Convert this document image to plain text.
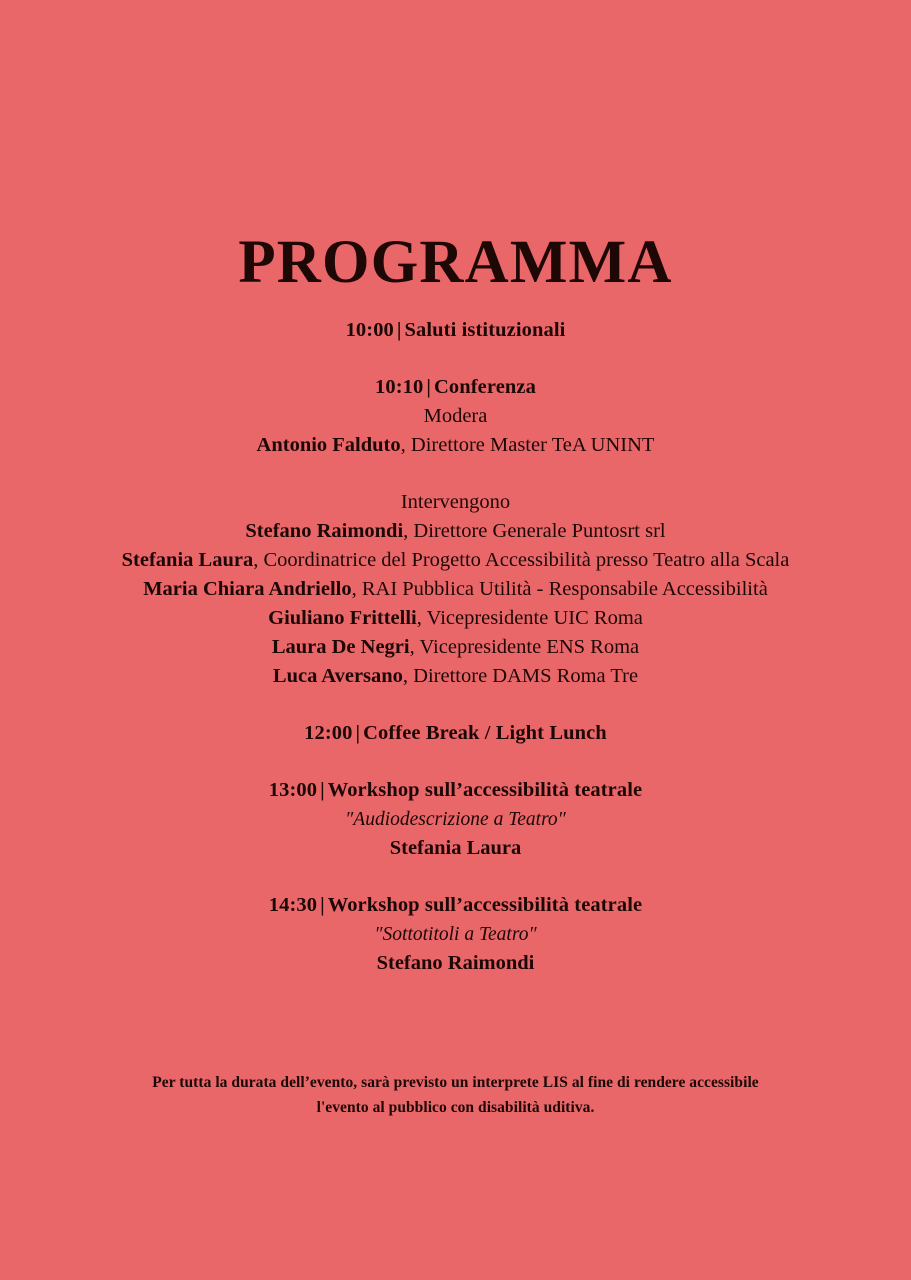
PROGRAMMA
10:00 | Saluti istituzionali
10:10 | Conferenza
Modera
Antonio Falduto, Direttore Master TeA UNINT
Intervengono
Stefano Raimondi, Direttore Generale Puntosrt srl
Stefania Laura, Coordinatrice del Progetto Accessibilità presso Teatro alla Scala
Maria Chiara Andriello, RAI Pubblica Utilità - Responsabile Accessibilità
Giuliano Frittelli, Vicepresidente UIC Roma
Laura De Negri, Vicepresidente ENS Roma
Luca Aversano, Direttore DAMS Roma Tre
12:00 | Coffee Break / Light Lunch
13:00 | Workshop sull’accessibilità teatrale
″Audiodescrizione a Teatro″
Stefania Laura
14:30 | Workshop sull’accessibilità teatrale
″Sottotitoli a Teatro″
Stefano Raimondi
Per tutta la durata dell’evento, sarà previsto un interprete LIS al fine di rendere accessibile
l'evento al pubblico con disabilità uditiva.
